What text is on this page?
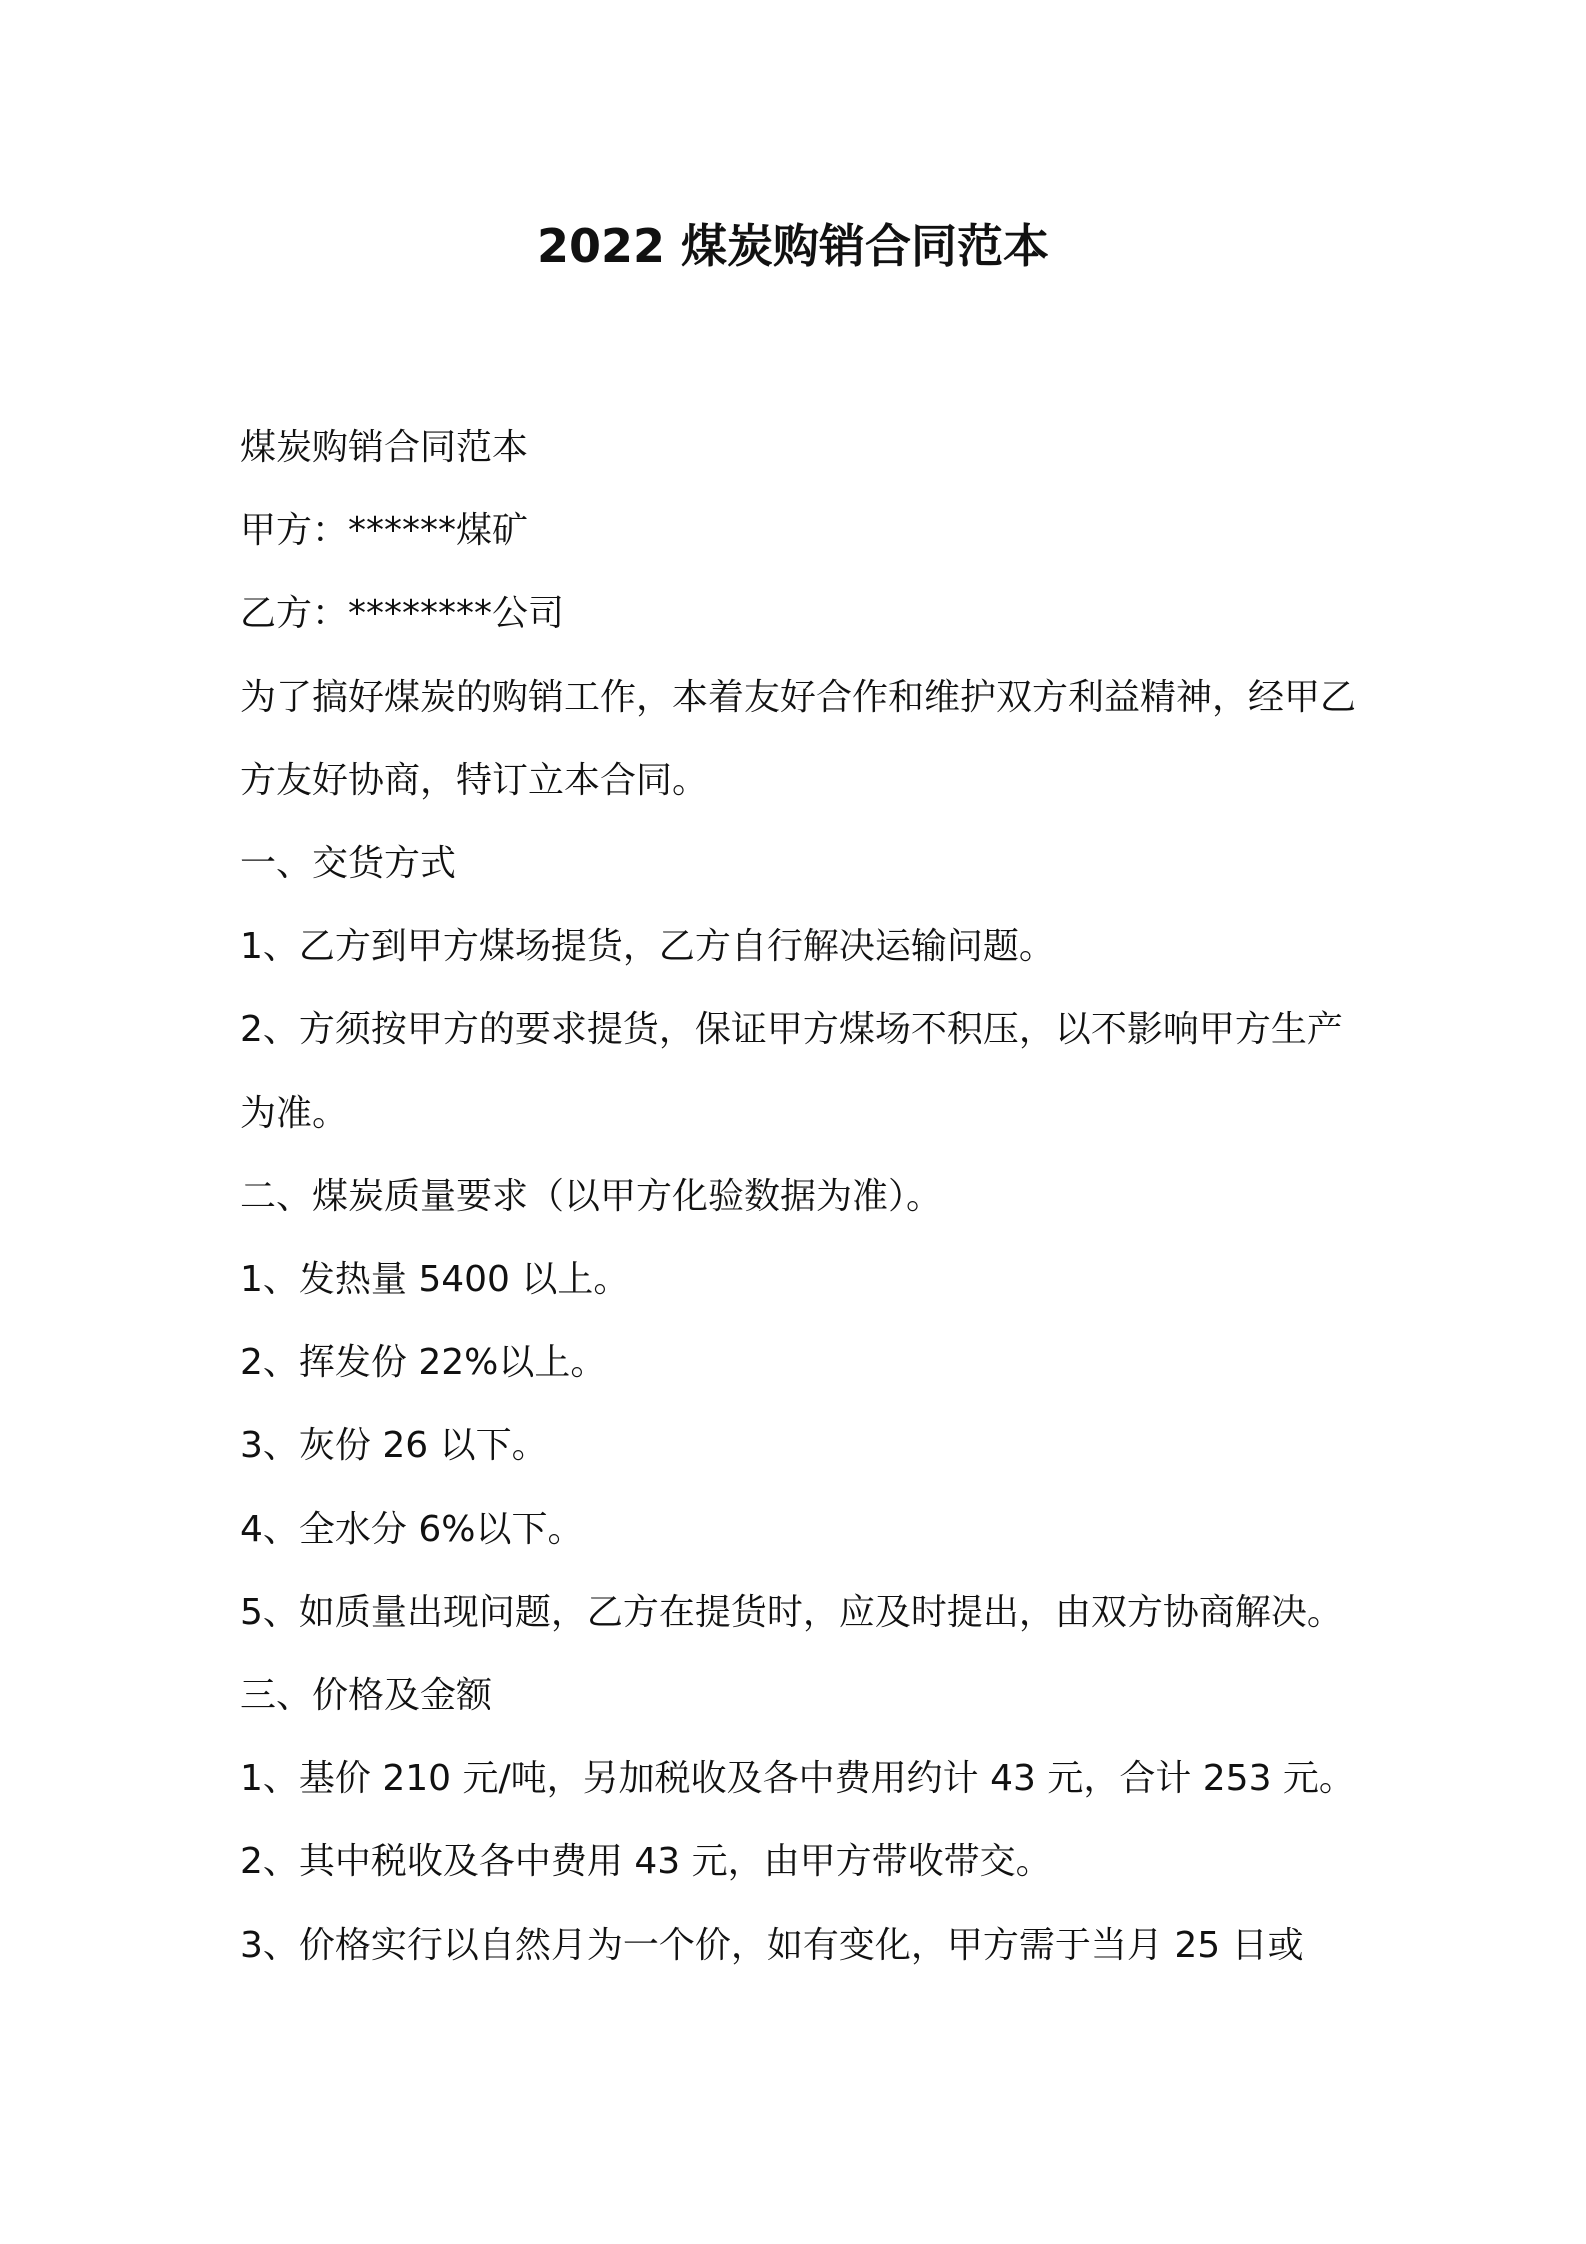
2022 煤炭购销合同范本

煤炭购销合同范本

甲方：******煤矿

乙方：********公司

为了搞好煤炭的购销工作，本着友好合作和维护双方利益精神，经甲乙方友好协商，特订立本合同。

一、交货方式

1、乙方到甲方煤场提货，乙方自行解决运输问题。

2、方须按甲方的要求提货，保证甲方煤场不积压，以不影响甲方生产为准。

二、煤炭质量要求（以甲方化验数据为准）。

1、发热量 5400 以上。

2、挥发份 22%以上。

3、灰份 26 以下。

4、全水分 6%以下。

5、如质量出现问题，乙方在提货时，应及时提出，由双方协商解决。

三、价格及金额

1、基价 210 元/吨，另加税收及各中费用约计 43 元，合计 253 元。

2、其中税收及各中费用 43 元，由甲方带收带交。

3、价格实行以自然月为一个价，如有变化，甲方需于当月 25 日或
